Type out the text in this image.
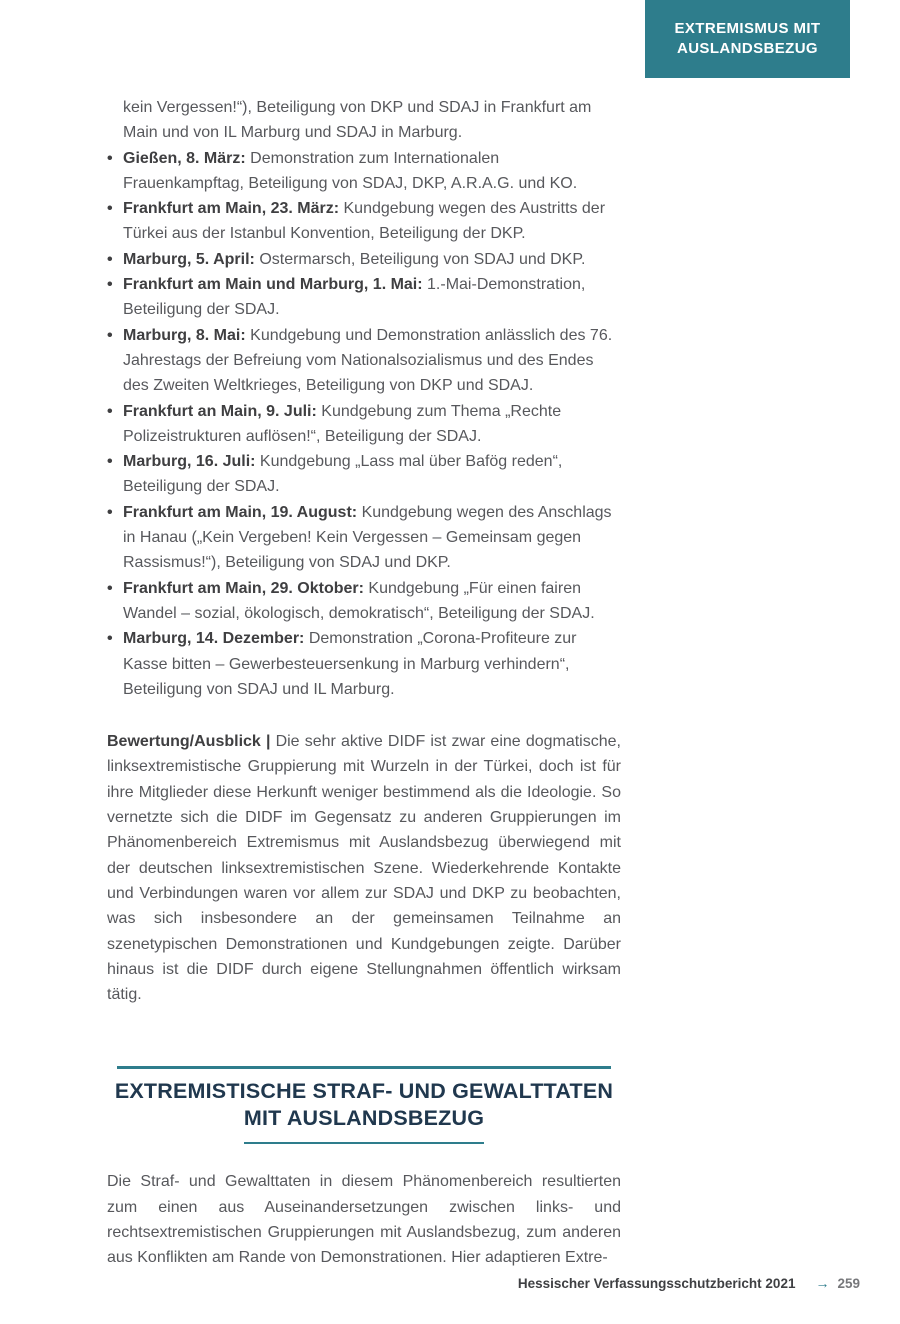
EXTREMISMUS MIT
AUSLANDSBEZUG

kein Vergessen!“), Beteiligung von DKP und SDAJ in Frankfurt am Main und von IL Marburg und SDAJ in Marburg.

• Gießen, 8. März: Demonstration zum Internationalen Frauenkampftag, Beteiligung von SDAJ, DKP, A.R.A.G. und KO.
• Frankfurt am Main, 23. März: Kundgebung wegen des Austritts der Türkei aus der Istanbul Konvention, Beteiligung der DKP.
• Marburg, 5. April: Ostermarsch, Beteiligung von SDAJ und DKP.
• Frankfurt am Main und Marburg, 1. Mai: 1.-Mai-Demonstration, Beteiligung der SDAJ.
• Marburg, 8. Mai: Kundgebung und Demonstration anlässlich des 76. Jahrestags der Befreiung vom Nationalsozialismus und des Endes des Zweiten Weltkrieges, Beteiligung von DKP und SDAJ.
• Frankfurt an Main, 9. Juli: Kundgebung zum Thema „Rechte Polizeistrukturen auflösen!“, Beteiligung der SDAJ.
• Marburg, 16. Juli: Kundgebung „Lass mal über Bafög reden“, Beteiligung der SDAJ.
• Frankfurt am Main, 19. August: Kundgebung wegen des Anschlags in Hanau („Kein Vergeben! Kein Vergessen – Gemeinsam gegen Rassismus!“), Beteiligung von SDAJ und DKP.
• Frankfurt am Main, 29. Oktober: Kundgebung „Für einen fairen Wandel – sozial, ökologisch, demokratisch“, Beteiligung der SDAJ.
• Marburg, 14. Dezember: Demonstration „Corona-Profiteure zur Kasse bitten – Gewerbesteuersenkung in Marburg verhindern“, Beteiligung von SDAJ und IL Marburg.

Bewertung/Ausblick | Die sehr aktive DIDF ist zwar eine dogmatische, linksextremistische Gruppierung mit Wurzeln in der Türkei, doch ist für ihre Mitglieder diese Herkunft weniger bestimmend als die Ideologie. So vernetzte sich die DIDF im Gegensatz zu anderen Gruppierungen im Phänomenbereich Extremismus mit Auslandsbezug überwiegend mit der deutschen linksextremistischen Szene. Wiederkehrende Kontakte und Verbindungen waren vor allem zur SDAJ und DKP zu beobachten, was sich insbesondere an der gemeinsamen Teilnahme an szenetypischen Demonstrationen und Kundgebungen zeigte. Darüber hinaus ist die DIDF durch eigene Stellungnahmen öffentlich wirksam tätig.

EXTREMISTISCHE STRAF- UND GEWALTTATEN
MIT AUSLANDSBEZUG

Die Straf- und Gewalttaten in diesem Phänomenbereich resultierten zum einen aus Auseinandersetzungen zwischen links- und rechtsextremistischen Gruppierungen mit Auslandsbezug, zum anderen aus Konflikten am Rande von Demonstrationen. Hier adaptieren Extre-

Hessischer Verfassungsschutzbericht 2021	→ 259
